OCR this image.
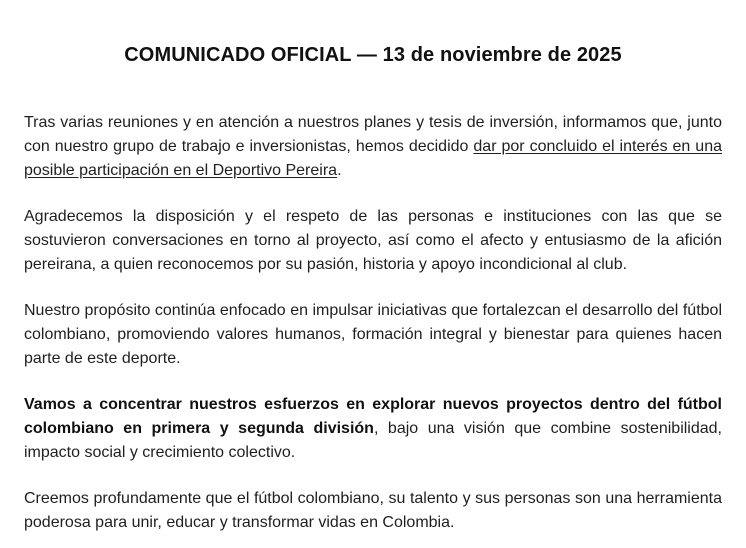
COMUNICADO OFICIAL — 13 de noviembre de 2025

Tras varias reuniones y en atención a nuestros planes y tesis de inversión, informamos que, junto con nuestro grupo de trabajo e inversionistas, hemos decidido dar por concluido el interés en una posible participación en el Deportivo Pereira.

Agradecemos la disposición y el respeto de las personas e instituciones con las que se sostuvieron conversaciones en torno al proyecto, así como el afecto y entusiasmo de la afición pereirana, a quien reconocemos por su pasión, historia y apoyo incondicional al club.

Nuestro propósito continúa enfocado en impulsar iniciativas que fortalezcan el desarrollo del fútbol colombiano, promoviendo valores humanos, formación integral y bienestar para quienes hacen parte de este deporte.

Vamos a concentrar nuestros esfuerzos en explorar nuevos proyectos dentro del fútbol colombiano en primera y segunda división, bajo una visión que combine sostenibilidad, impacto social y crecimiento colectivo.

Creemos profundamente que el fútbol colombiano, su talento y sus personas son una herramienta poderosa para unir, educar y transformar vidas en Colombia.
